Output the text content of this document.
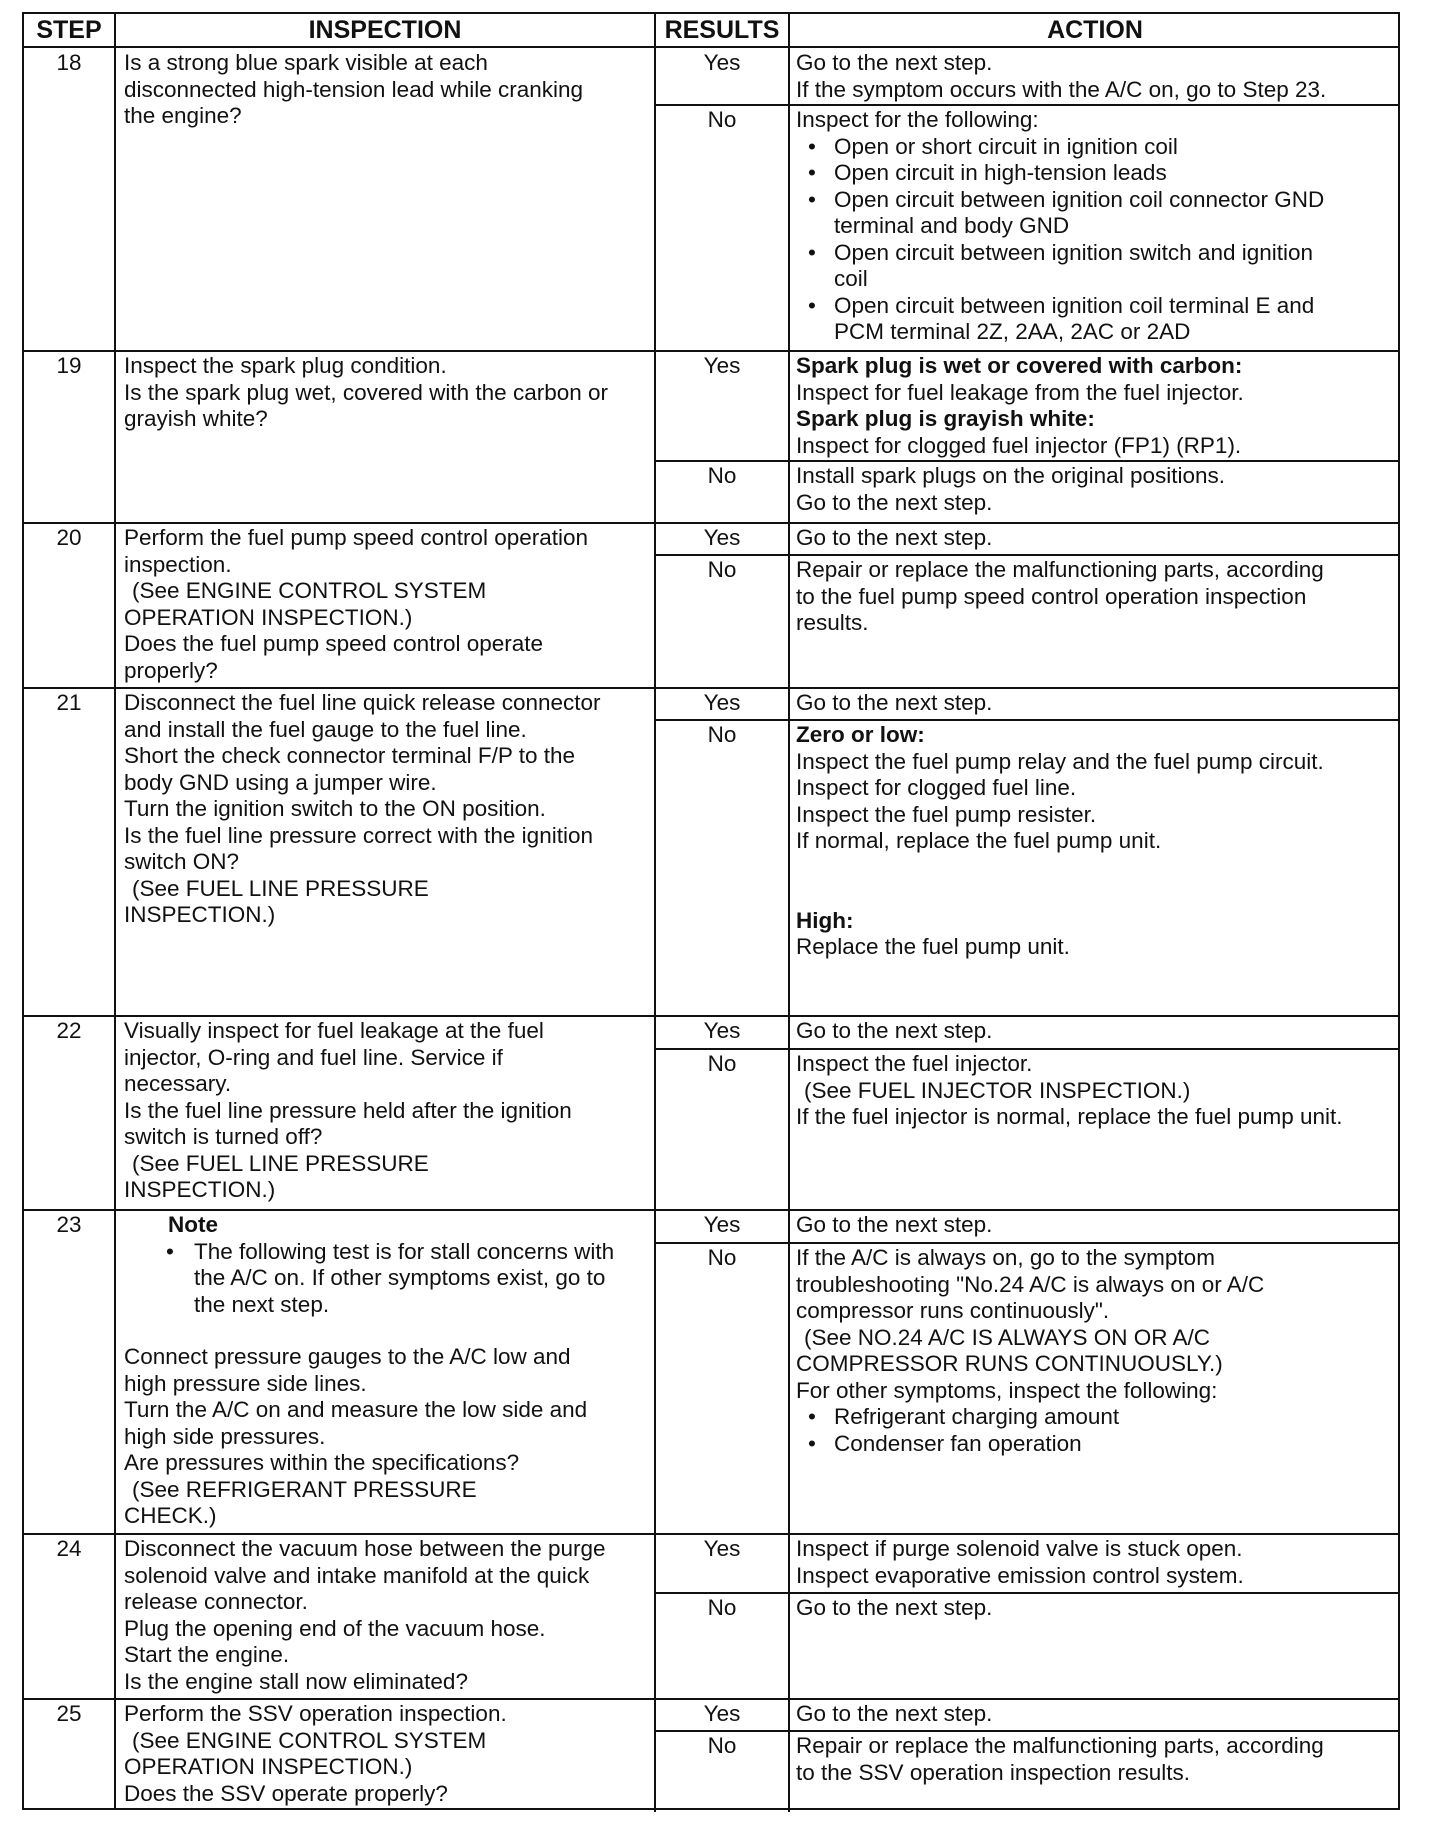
STEP	INSPECTION	RESULTS	ACTION
18	Is a strong blue spark visible at each
disconnected high-tension lead while cranking
the engine?
Yes	Go to the next step.
If the symptom occurs with the A/C on, go to Step 23.
No	Inspect for the following:
• Open or short circuit in ignition coil
• Open circuit in high-tension leads
• Open circuit between ignition coil connector GND
terminal and body GND
• Open circuit between ignition switch and ignition
coil
• Open circuit between ignition coil terminal E and
PCM terminal 2Z, 2AA, 2AC or 2AD
19	Inspect the spark plug condition.
Is the spark plug wet, covered with the carbon or
grayish white?
Yes	Spark plug is wet or covered with carbon:
Inspect for fuel leakage from the fuel injector.
Spark plug is grayish white:
Inspect for clogged fuel injector (FP1) (RP1).
No	Install spark plugs on the original positions.
Go to the next step.
20	Perform the fuel pump speed control operation
inspection.
(See ENGINE CONTROL SYSTEM
OPERATION INSPECTION.)
Does the fuel pump speed control operate
properly?
Yes	Go to the next step.
No	Repair or replace the malfunctioning parts, according
to the fuel pump speed control operation inspection
results.
21	Disconnect the fuel line quick release connector
and install the fuel gauge to the fuel line.
Short the check connector terminal F/P to the
body GND using a jumper wire.
Turn the ignition switch to the ON position.
Is the fuel line pressure correct with the ignition
switch ON?
(See FUEL LINE PRESSURE
INSPECTION.)
Yes	Go to the next step.
No	Zero or low:
Inspect the fuel pump relay and the fuel pump circuit.
Inspect for clogged fuel line.
Inspect the fuel pump resister.
If normal, replace the fuel pump unit.
High:
Replace the fuel pump unit.
22	Visually inspect for fuel leakage at the fuel
injector, O-ring and fuel line. Service if
necessary.
Is the fuel line pressure held after the ignition
switch is turned off?
(See FUEL LINE PRESSURE
INSPECTION.)
Yes	Go to the next step.
No	Inspect the fuel injector.
(See FUEL INJECTOR INSPECTION.)
If the fuel injector is normal, replace the fuel pump unit.
23	Note
• The following test is for stall concerns with
the A/C on. If other symptoms exist, go to
the next step.
Connect pressure gauges to the A/C low and
high pressure side lines.
Turn the A/C on and measure the low side and
high side pressures.
Are pressures within the specifications?
(See REFRIGERANT PRESSURE
CHECK.)
Yes	Go to the next step.
No	If the A/C is always on, go to the symptom
troubleshooting "No.24 A/C is always on or A/C
compressor runs continuously".
(See NO.24 A/C IS ALWAYS ON OR A/C
COMPRESSOR RUNS CONTINUOUSLY.)
For other symptoms, inspect the following:
• Refrigerant charging amount
• Condenser fan operation
24	Disconnect the vacuum hose between the purge
solenoid valve and intake manifold at the quick
release connector.
Plug the opening end of the vacuum hose.
Start the engine.
Is the engine stall now eliminated?
Yes	Inspect if purge solenoid valve is stuck open.
Inspect evaporative emission control system.
No	Go to the next step.
25	Perform the SSV operation inspection.
(See ENGINE CONTROL SYSTEM
OPERATION INSPECTION.)
Does the SSV operate properly?
Yes	Go to the next step.
No	Repair or replace the malfunctioning parts, according
to the SSV operation inspection results.
